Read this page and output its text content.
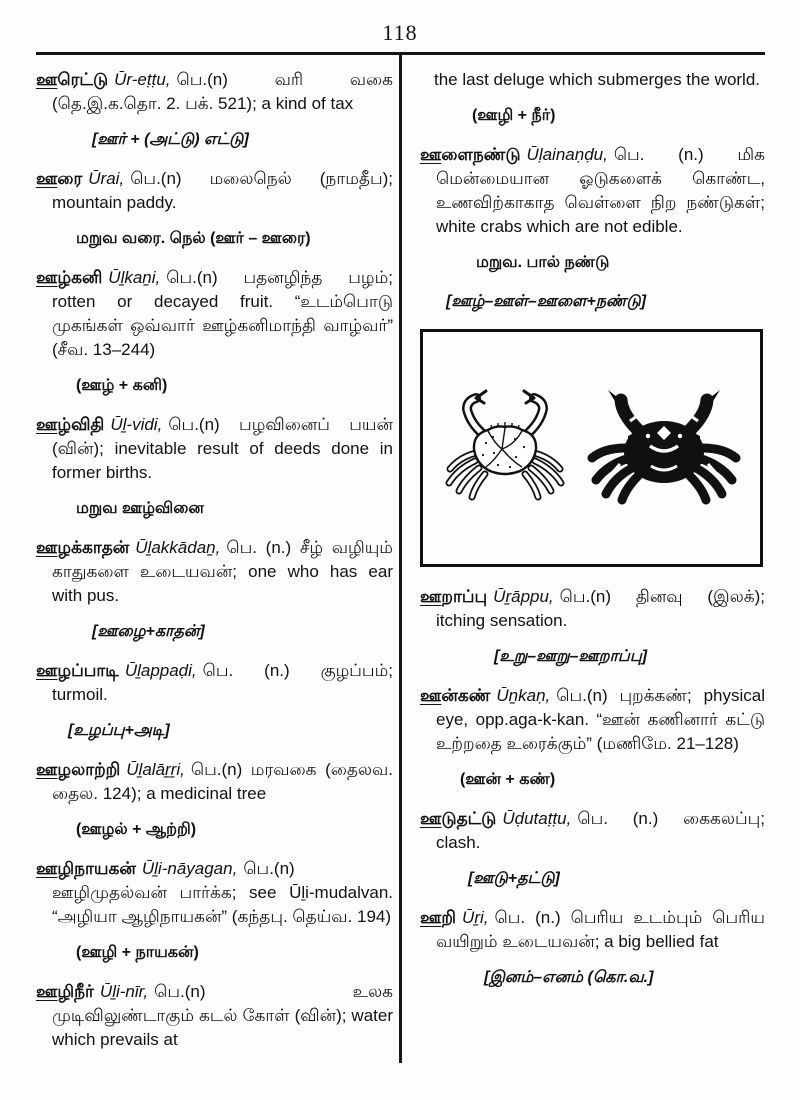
118

ஊரெட்டு Ūr-eṭṭu, பெ.(n) வரி வகை (தெ.இ.க.தொ. 2. பக். 521); a kind of tax

[ஊர் + (அட்டு) எட்டு]

ஊரை Ūrai, பெ.(n) மலைநெல் (நாமதீப); mountain paddy.

மறுவ வரை. நெல் (ஊர் – ஊரை)

ஊழ்கனி Ūḻkaṉi, பெ.(n) பதனழிந்த பழம்; rotten or decayed fruit. “உடம்பொடு முகங்கள் ஒவ்வார் ஊழ்கனிமாந்தி வாழ்வர்” (சீவ. 13–244)

(ஊழ் + கனி)

ஊழ்விதி Ūḻ-vidi, பெ.(n) பழவினைப் பயன் (வின்); inevitable result of deeds done in former births.

மறுவ ஊழ்வினை

ஊழக்காதன் Ūḻakkādaṉ, பெ. (n.) சீழ் வழியும் காதுகளை உடையவன்; one who has ear with pus.

[ஊழை+காதன்]

ஊழப்பாடி Ūḻappaḍi, பெ. (n.) குழப்பம்; turmoil.

[உழப்பு+அடி]

ஊழலாற்றி Ūḻalāṟṟi, பெ.(n) மரவகை (தைலவ. தைல. 124); a medicinal tree

(ஊழல் + ஆற்றி)

ஊழிநாயகன் Ūḻi-nāyagan, பெ.(n) ஊழிமுதல்வன் பார்க்க; see Ūḻi-mudalvan. “அழியா ஆழிநாயகன்” (கந்தபு. தெய்வ. 194)

(ஊழி + நாயகன்)

ஊழிநீர் Ūḻi-nīr, பெ.(n) உலக முடிவிலுண்டாகும் கடல் கோள் (வின்); water which prevails at

the last deluge which submerges the world.

(ஊழி + நீர்)

ஊளைநண்டு Ūḷainaṇḍu, பெ. (n.) மிக மென்மையான ஓடுகளைக் கொண்ட, உணவிற்காகாத வெள்ளை நிற நண்டுகள்; white crabs which are not edible.

மறுவ. பால் நண்டு

[ஊழ்–ஊள்–ஊளை+நண்டு]

ஊறாப்பு Ūṟāppu, பெ.(n) தினவு (இலக்); itching sensation.

[உறு–ஊறு–ஊறாப்பு]

ஊன்கண் Ūṉkaṇ, பெ.(n) புறக்கண்; physical eye, opp.aga-k-kan. “ஊன் கணினார் கட்டு உற்றதை உரைக்கும்” (மணிமே. 21–128)

(ஊன் + கண்)

ஊடுதட்டு Ūḍutaṭṭu, பெ. (n.) கைகலப்பு; clash.

[ஊடு+தட்டு]

ஊறி Ūṟi, பெ. (n.) பெரிய உடம்பும் பெரிய வயிறும் உடையவன்; a big bellied fat

[இனம்–எனம் (கொ.வ.]
